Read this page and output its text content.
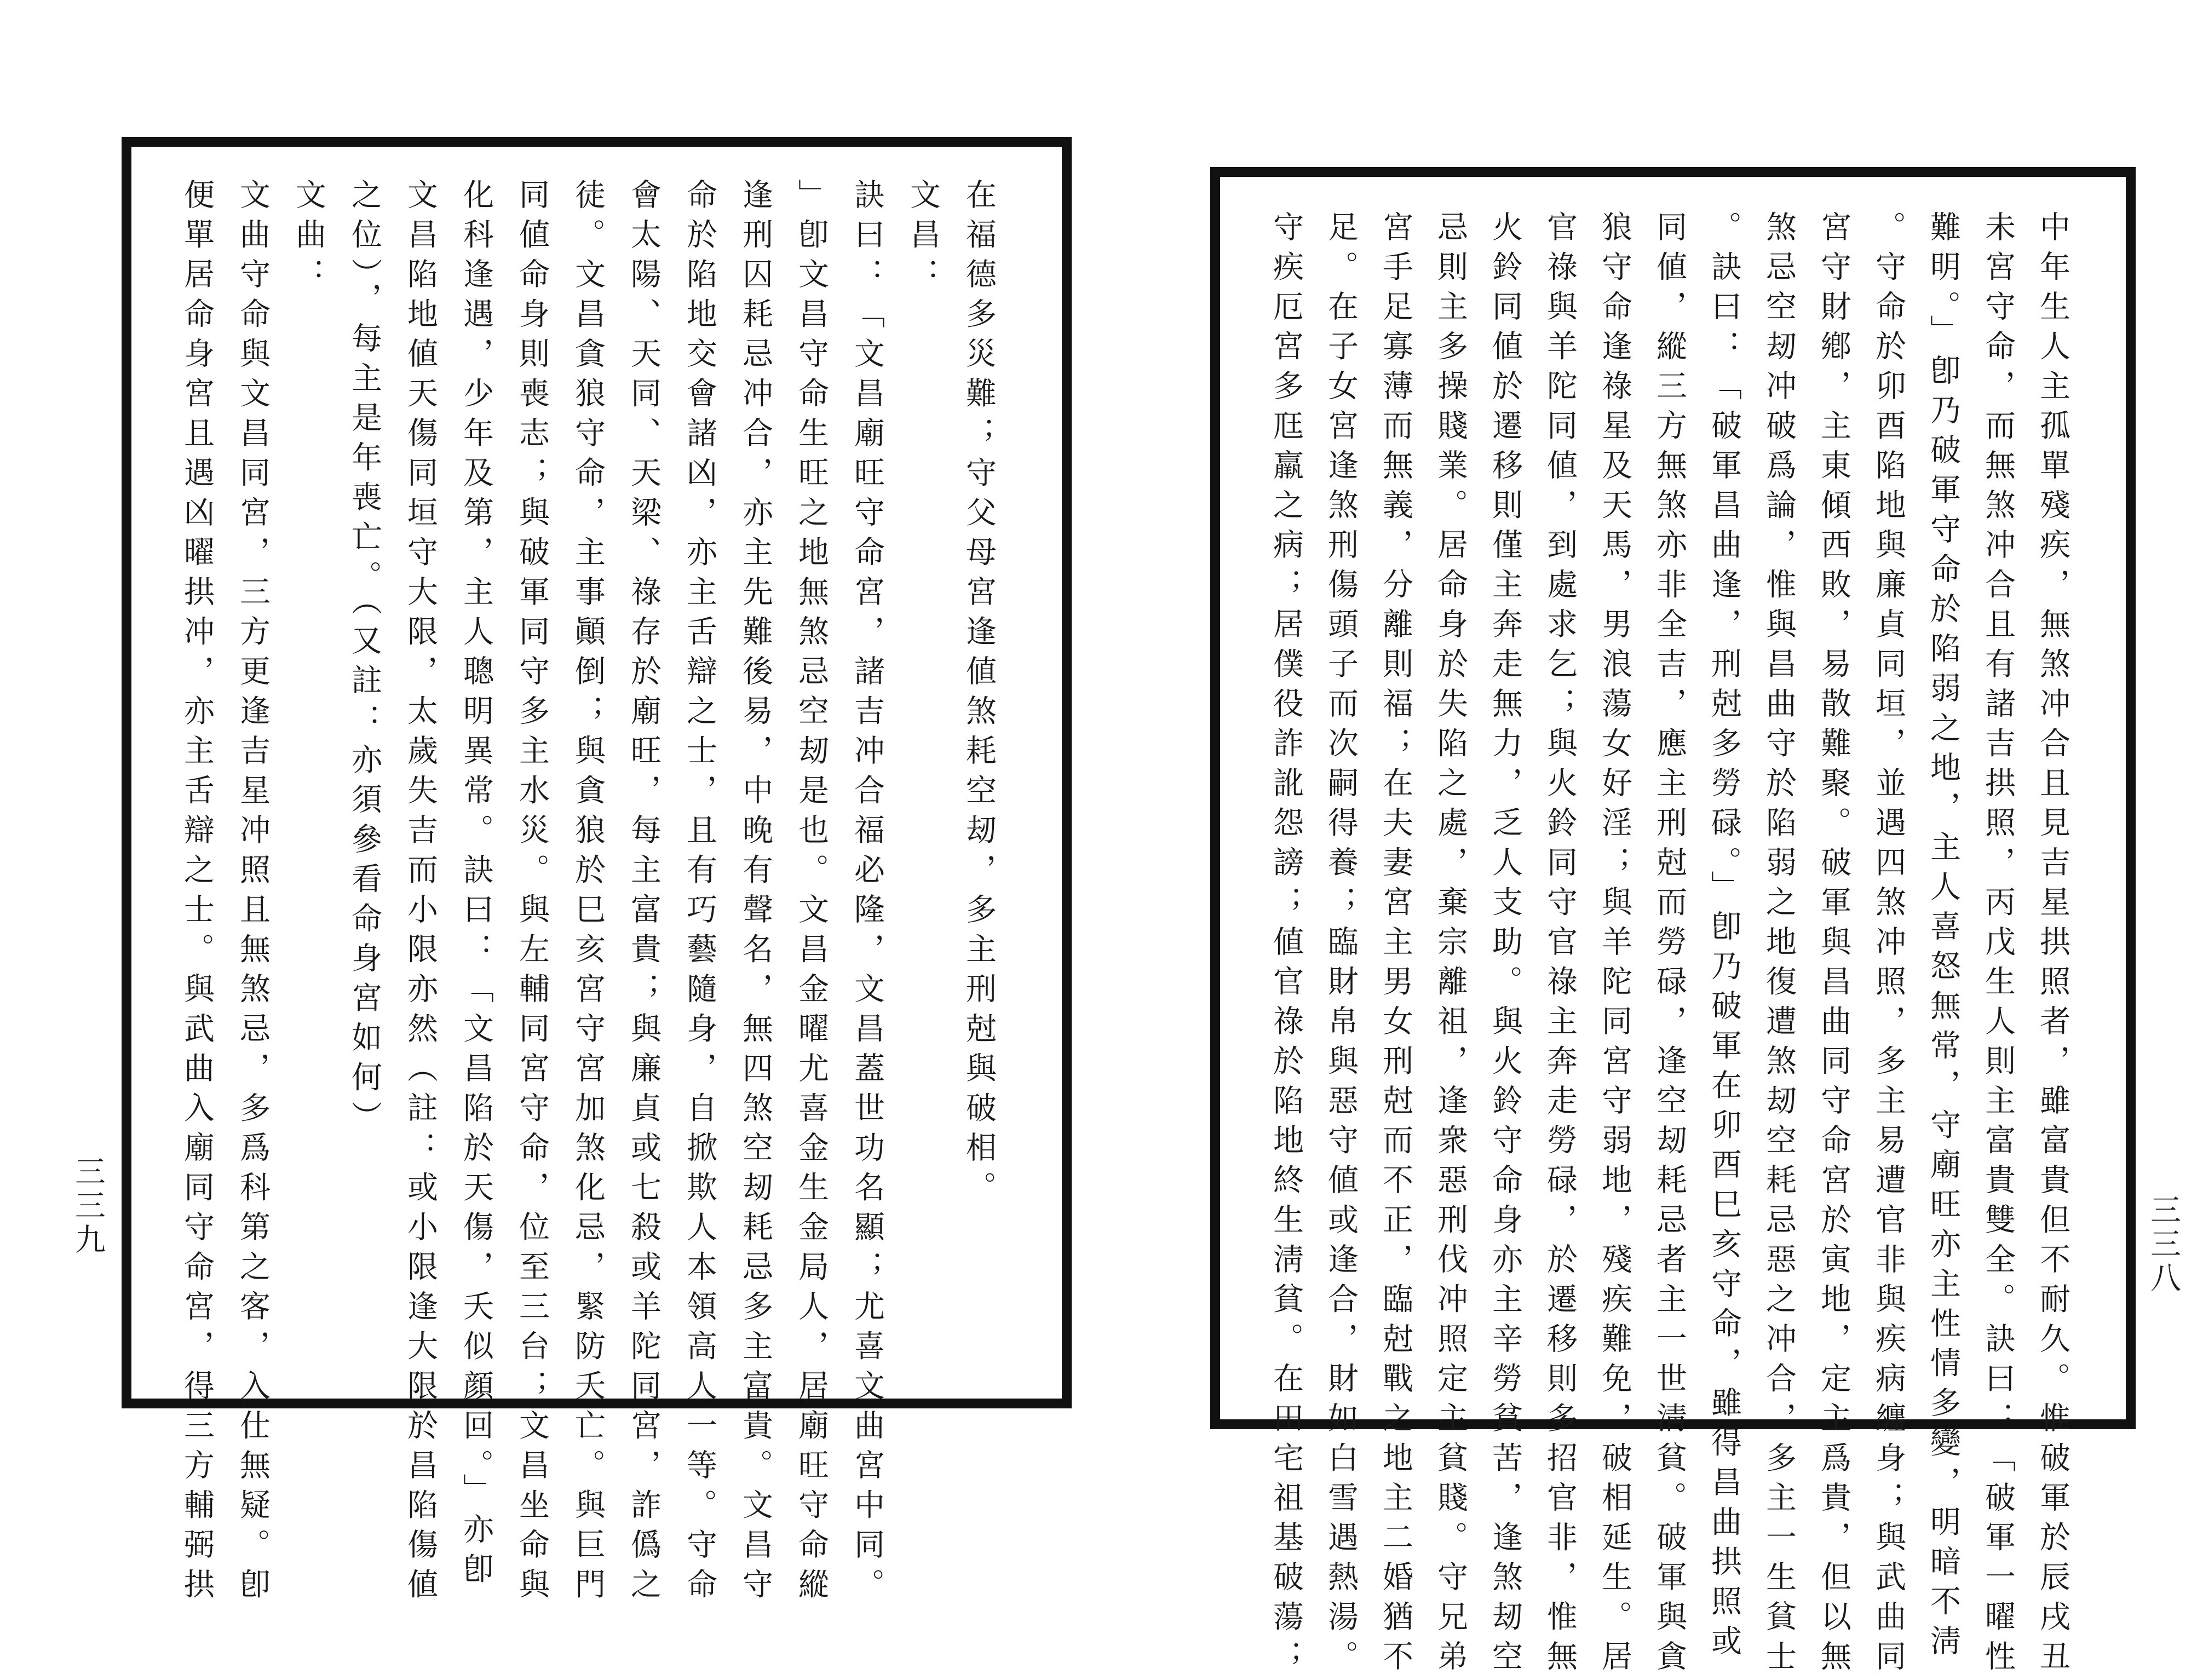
在福德多災難；守父母宮逢値煞耗空刼，多主刑尅與破相。
文昌：
訣曰：「文昌廟旺守命宮，諸吉冲合福必隆，文昌蓋世功名顯；尤喜文曲宮中同。
」卽文昌守命生旺之地無煞忌空刼是也。文昌金曜尤喜金生金局人，居廟旺守命縱
逢刑囚耗忌冲合，亦主先難後易，中晚有聲名，無四煞空刼耗忌多主富貴。文昌守
命於陷地交會諸凶，亦主舌辯之士，且有巧藝隨身，自掀欺人本領高人一等。守命
會太陽、天同、天梁、祿存於廟旺，每主富貴；與廉貞或七殺或羊陀同宮，詐僞之
徒。文昌貪狼守命，主事顚倒；與貪狼於巳亥宮守宮加煞化忌，緊防夭亡。與巨門
同値命身則喪志；與破軍同守多主水災。與左輔同宮守命，位至三台；文昌坐命與
化科逢遇，少年及第，主人聰明異常。訣曰：「文昌陷於天傷，夭似顔回。」亦卽
文昌陷地値天傷同垣守大限，太歲失吉而小限亦然（註：或小限逢大限於昌陷傷値
之位），每主是年喪亡。（又註：亦須參看命身宮如何）
文曲：
文曲守命與文昌同宮，三方更逢吉星冲照且無煞忌，多爲科第之客，入仕無疑。卽
便單居命身宮且遇凶曜拱冲，亦主舌辯之士。與武曲入廟同守命宮，得三方輔弼拱	中年生人主孤單殘疾，無煞冲合且見吉星拱照者，雖富貴但不耐久。惟破軍於辰戌丑
未宮守命，而無煞冲合且有諸吉拱照，丙戊生人則主富貴雙全。訣曰：「破軍一曜性
難明。」卽乃破軍守命於陷弱之地，主人喜怒無常，守廟旺亦主性情多變，明暗不淸
。守命於卯酉陷地與廉貞同垣，並遇四煞冲照，多主易遭官非與疾病纏身；與武曲同
宮守財鄕，主東傾西敗，易散難聚。破軍與昌曲同守命宮於寅地，定主爲貴，但以無
煞忌空刼冲破爲論，惟與昌曲守於陷弱之地復遭煞刼空耗忌惡之冲合，多主一生貧士
。訣曰：「破軍昌曲逢，刑尅多勞碌。」卽乃破軍在卯酉巳亥守命，雖得昌曲拱照或
同値，縱三方無煞亦非全吉，應主刑尅而勞碌，逢空刼耗忌者主一世淸貧。破軍與貪
狼守命逢祿星及天馬，男浪蕩女好淫；與羊陀同宮守弱地，殘疾難免，破相延生。居
官祿與羊陀同値，到處求乞；與火鈴同守官祿主奔走勞碌，於遷移則多招官非，惟無
火鈴同値於遷移則僅主奔走無力，乏人支助。與火鈴守命身亦主辛勞貧苦，逢煞刼空
忌則主多操賤業。居命身於失陷之處，棄宗離祖，逢衆惡刑伐冲照定主貧賤。守兄弟
宮手足寡薄而無義，分離則福；在夫妻宮主男女刑尅而不正，臨尅戰之地主二婚猶不
足。在子女宮逢煞刑傷頭子而次嗣得養；臨財帛與惡守値或逢合，財如白雪遇熱湯。
守疾厄宮多尫羸之病；居僕役詐訛怨謗；値官祿於陷地終生淸貧。在田宅祖基破蕩；
三三九	三三八
